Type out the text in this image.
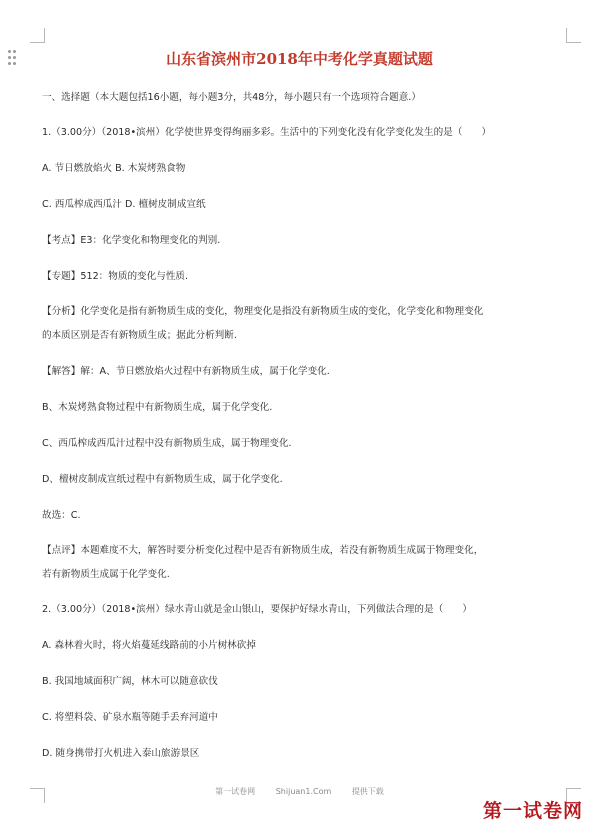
山东省滨州市2018年中考化学真题试题
一、选择题（本大题包括16小题，每小题3分，共48分，每小题只有一个选项符合题意.）
1.（3.00分）（2018•滨州）化学使世界变得绚丽多彩。生活中的下列变化没有化学变化发生的是（　　）
A. 节日燃放焰火 B. 木炭烤熟食物
C. 西瓜榨成西瓜汁 D. 檀树皮制成宣纸
【考点】E3：化学变化和物理变化的判别.
【专题】512：物质的变化与性质.
【分析】化学变化是指有新物质生成的变化，物理变化是指没有新物质生成的变化，化学变化和物理变化
的本质区别是否有新物质生成；据此分析判断.
【解答】解：A、节日燃放焰火过程中有新物质生成，属于化学变化.
B、木炭烤熟食物过程中有新物质生成，属于化学变化.
C、西瓜榨成西瓜汁过程中没有新物质生成，属于物理变化.
D、檀树皮制成宣纸过程中有新物质生成，属于化学变化.
故选：C.
【点评】本题难度不大，解答时要分析变化过程中是否有新物质生成，若没有新物质生成属于物理变化，
若有新物质生成属于化学变化.
2.（3.00分）（2018•滨州）绿水青山就是金山银山，要保护好绿水青山，下列做法合理的是（　　）
A. 森林着火时，将火焰蔓延线路前的小片树林砍掉
B. 我国地域面积广阔，林木可以随意砍伐
C. 将塑料袋、矿泉水瓶等随手丢弃河道中
D. 随身携带打火机进入泰山旅游景区
第一试卷网	Shijuan1.Com	提供下载
第一试卷网
